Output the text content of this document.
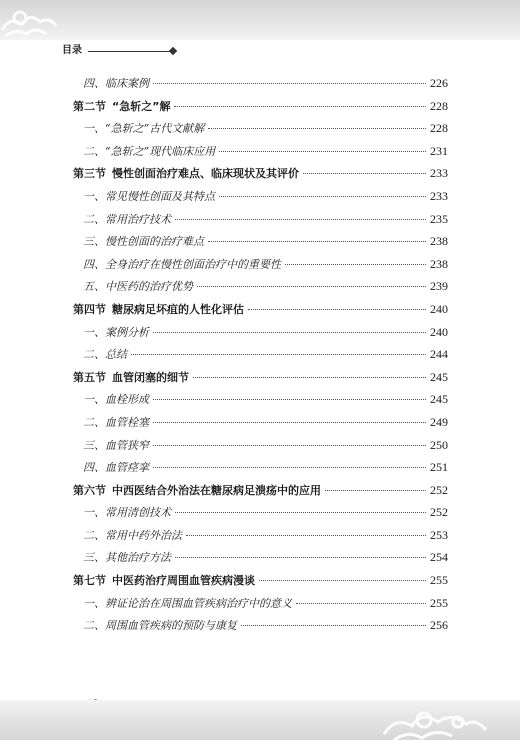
目录
四、临床案例	226
第二节 “急斩之”解	228
一、“急斩之”古代文献解	228
二、“急斩之”现代临床应用	231
第三节 慢性创面治疗难点、临床现状及其评价	233
一、常见慢性创面及其特点	233
二、常用治疗技术	235
三、慢性创面的治疗难点	238
四、全身治疗在慢性创面治疗中的重要性	238
五、中医药的治疗优势	239
第四节 糖尿病足坏疽的人性化评估	240
一、案例分析	240
二、总结	244
第五节 血管闭塞的细节	245
一、血栓形成	245
二、血管栓塞	249
三、血管狭窄	250
四、血管痉挛	251
第六节 中西医结合外治法在糖尿病足溃疡中的应用	252
一、常用清创技术	252
二、常用中药外治法	253
三、其他治疗方法	254
第七节 中医药治疗周围血管疾病漫谈	255
一、辨证论治在周围血管疾病治疗中的意义	255
二、周围血管疾病的预防与康复	256
